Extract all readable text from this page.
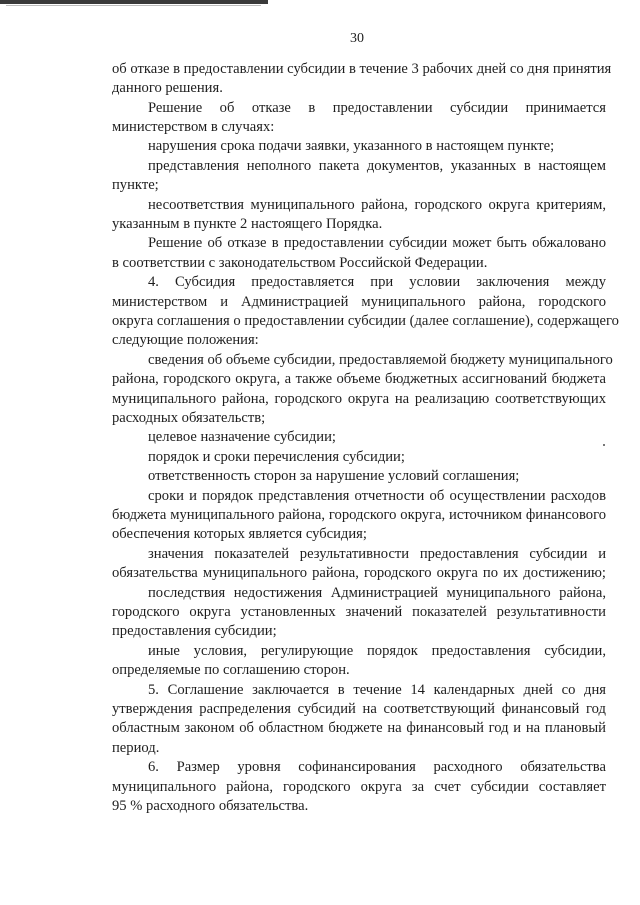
30
об отказе в предоставлении субсидии в течение 3 рабочих дней со дня принятия
данного решения.
Решение об отказе в предоставлении субсидии принимается
министерством в случаях:
нарушения срока подачи заявки, указанного в настоящем пункте;
представления неполного пакета документов, указанных в настоящем
пункте;
несоответствия муниципального района, городского округа критериям,
указанным в пункте 2 настоящего Порядка.
Решение об отказе в предоставлении субсидии может быть обжаловано
в соответствии с законодательством Российской Федерации.
4. Субсидия предоставляется при условии заключения между
министерством и Администрацией муниципального района, городского
округа соглашения о предоставлении субсидии (далее соглашение), содержащего
следующие положения:
сведения об объеме субсидии, предоставляемой бюджету муниципального
района, городского округа, а также объеме бюджетных ассигнований бюджета
муниципального района, городского округа на реализацию соответствующих
расходных обязательств;
целевое назначение субсидии;
порядок и сроки перечисления субсидии;
ответственность сторон за нарушение условий соглашения;
сроки и порядок представления отчетности об осуществлении расходов
бюджета муниципального района, городского округа, источником финансового
обеспечения которых является субсидия;
значения показателей результативности предоставления субсидии и
обязательства муниципального района, городского округа по их достижению;
последствия недостижения Администрацией муниципального района,
городского округа установленных значений показателей результативности
предоставления субсидии;
иные условия, регулирующие порядок предоставления субсидии,
определяемые по соглашению сторон.
5. Соглашение заключается в течение 14 календарных дней со дня
утверждения распределения субсидий на соответствующий финансовый год
областным законом об областном бюджете на финансовый год и на плановый
период.
6. Размер уровня софинансирования расходного обязательства
муниципального района, городского округа за счет субсидии составляет
95 % расходного обязательства.
